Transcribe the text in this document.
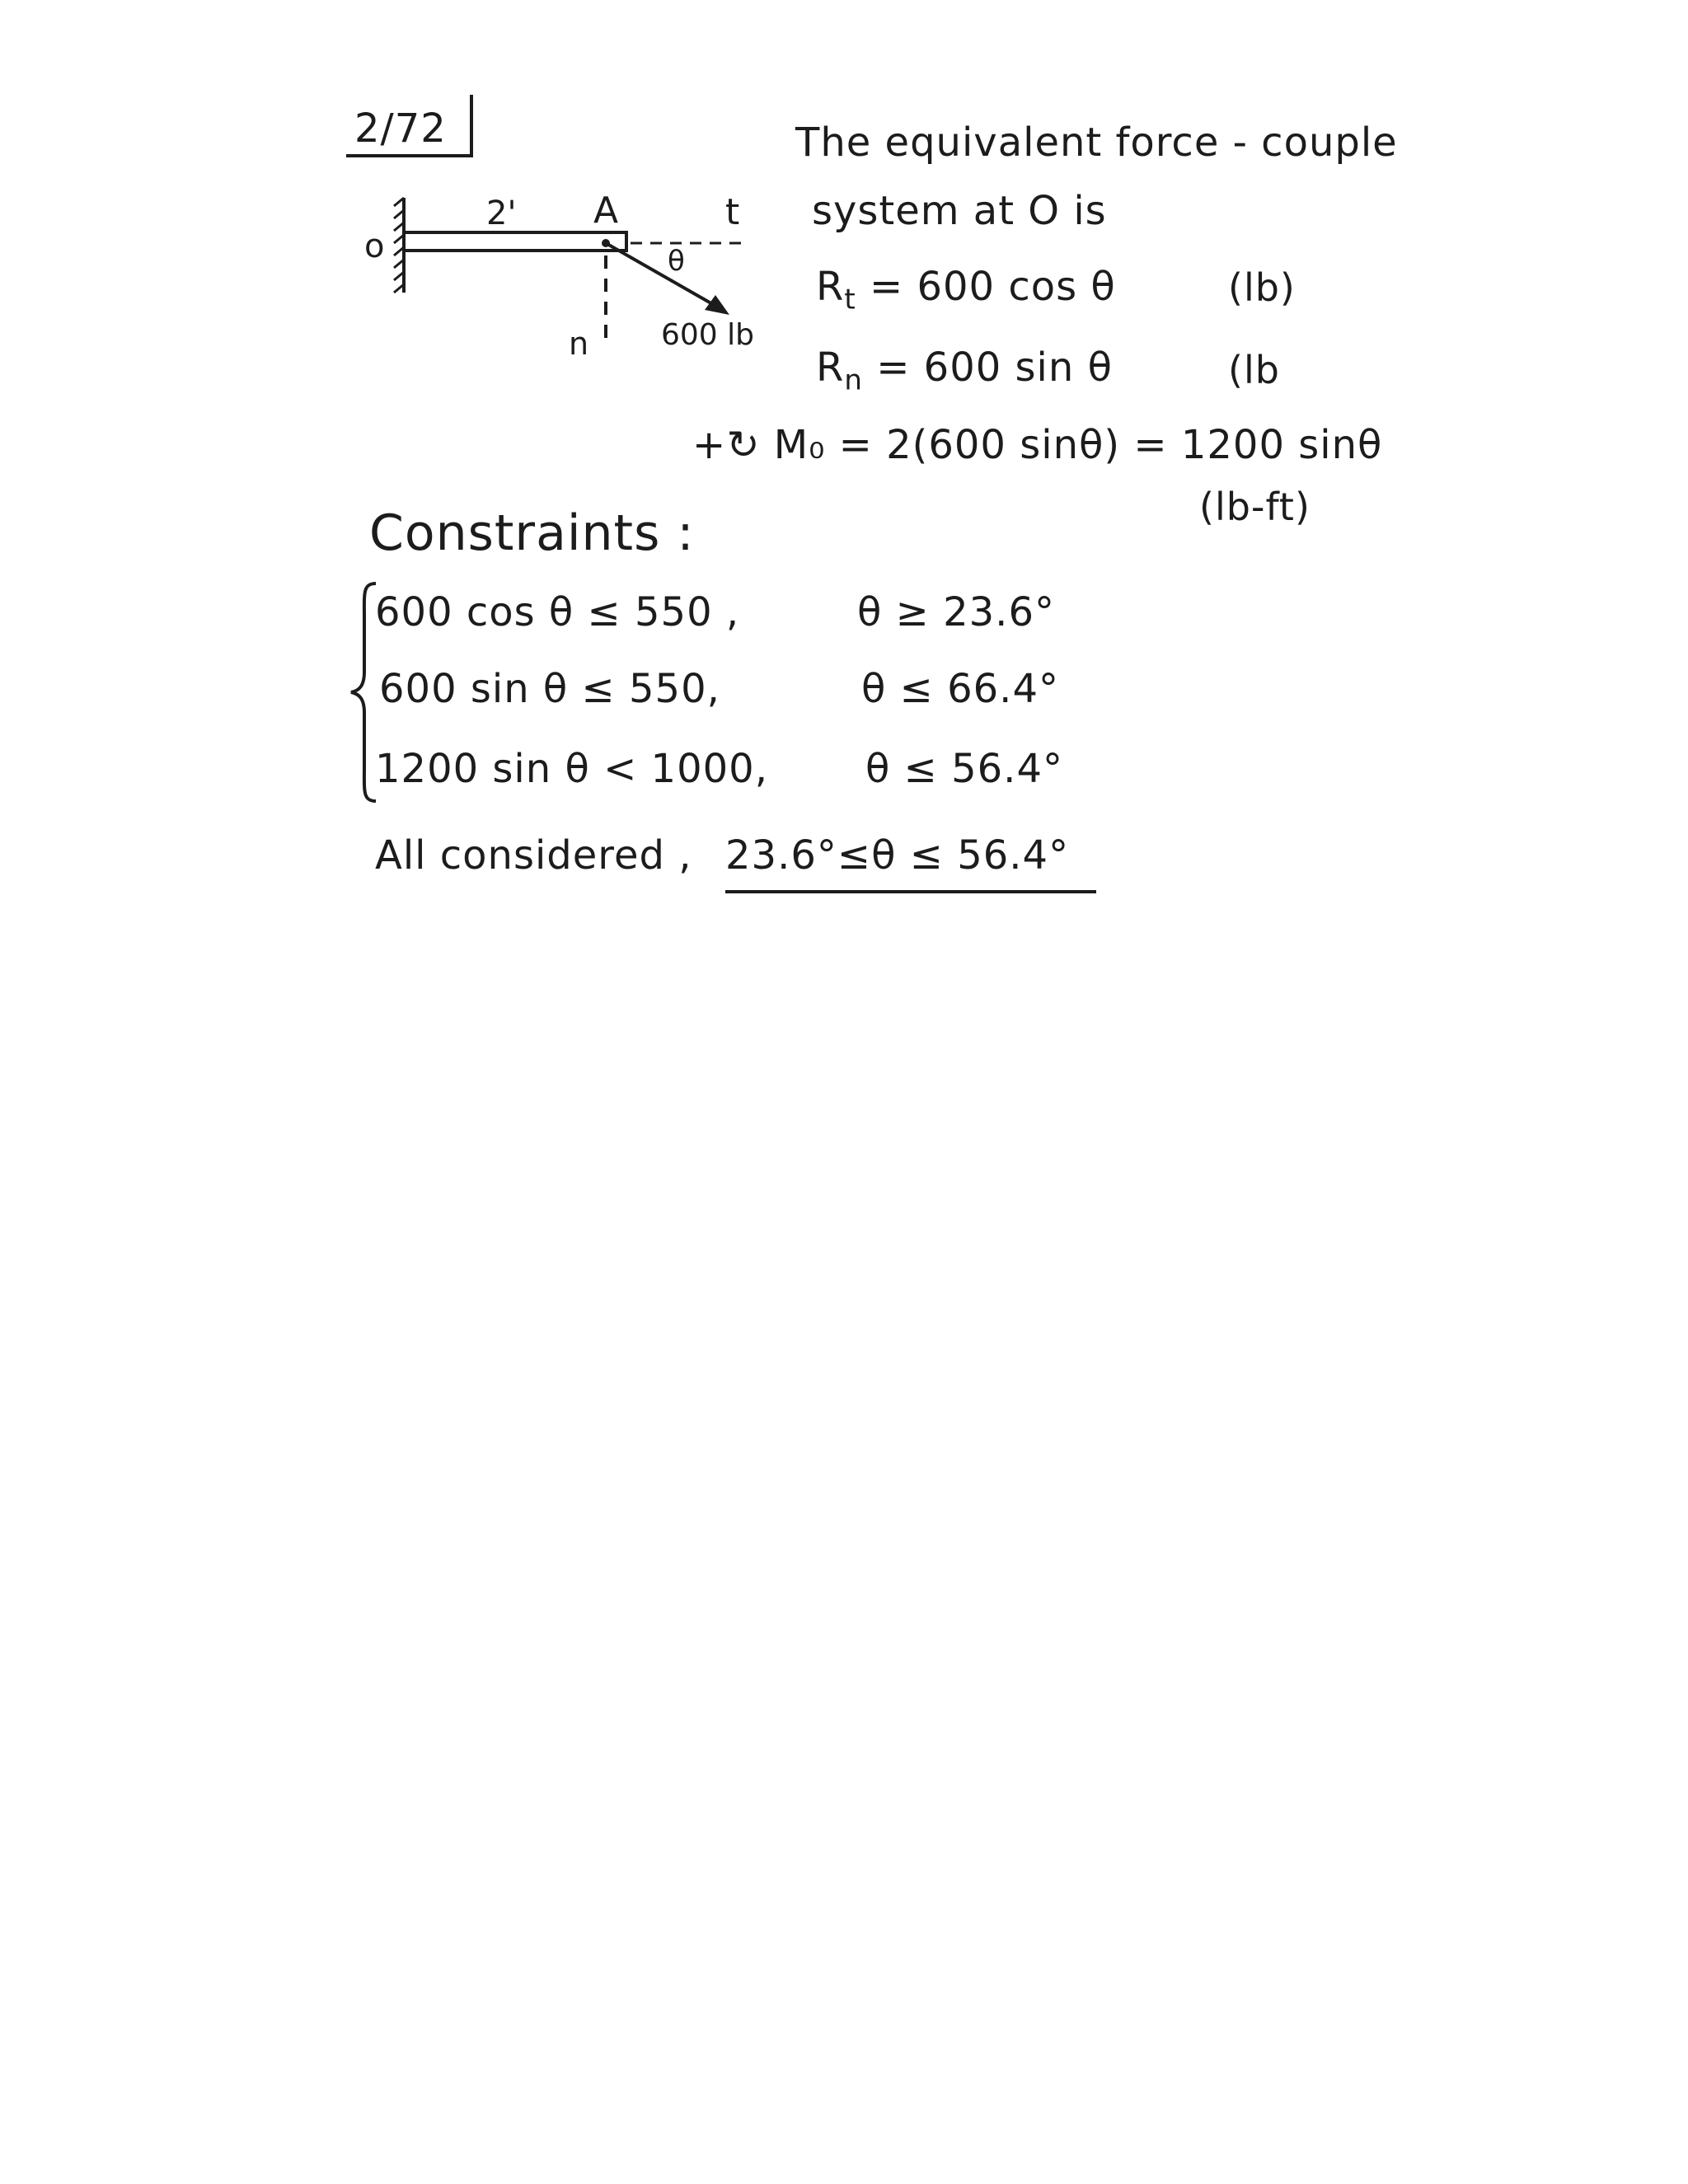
2/72
o
2' A	t
θ
n 600 lb
The equivalent force - couple
system at O is
$R_t = 600$ cos θ	(lb)
$R_n = 600$ sin θ	(lb
+↻ M₀ = 2(600 sinθ) = 1200 sinθ
(lb-ft)
Constraints :
600 cos θ ≤ 550 ,	θ ≥ 23.6°
600 sin θ ≤ 550,	θ ≤ 66.4°
1200 sin θ < 1000, θ ≤ 56.4°
All considered , 23.6°≤θ ≤ 56.4°
